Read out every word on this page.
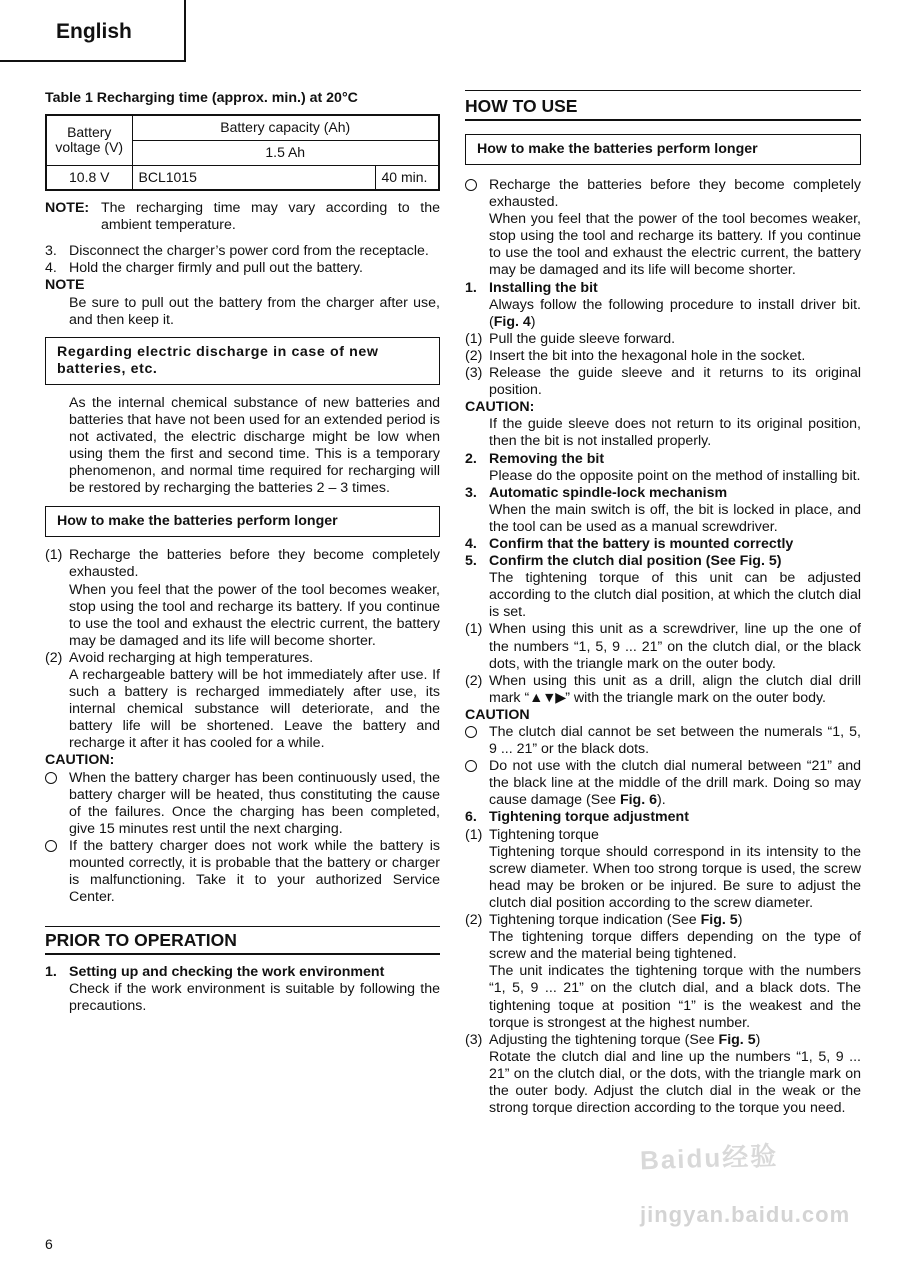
English
Table 1 Recharging time (approx. min.) at 20°C
Battery voltage (V)	Battery capacity (Ah)	
	1.5 Ah	
10.8 V	BCL1015	40 min.
NOTE: The recharging time may vary according to the ambient temperature.
3. Disconnect the charger’s power cord from the receptacle.
4. Hold the charger firmly and pull out the battery.
NOTE
Be sure to pull out the battery from the charger after use, and then keep it.
Regarding electric discharge in case of new batteries, etc.
As the internal chemical substance of new batteries and batteries that have not been used for an extended period is not activated, the electric discharge might be low when using them the first and second time. This is a temporary phenomenon, and normal time required for recharging will be restored by recharging the batteries 2 – 3 times.
How to make the batteries perform longer
(1) Recharge the batteries before they become completely exhausted.
When you feel that the power of the tool becomes weaker, stop using the tool and recharge its battery. If you continue to use the tool and exhaust the electric current, the battery may be damaged and its life will become shorter.
(2) Avoid recharging at high temperatures.
A rechargeable battery will be hot immediately after use. If such a battery is recharged immediately after use, its internal chemical substance will deteriorate, and the battery life will be shortened. Leave the battery and recharge it after it has cooled for a while.
CAUTION:
When the battery charger has been continuously used, the battery charger will be heated, thus constituting the cause of the failures. Once the charging has been completed, give 15 minutes rest until the next charging.
If the battery charger does not work while the battery is mounted correctly, it is probable that the battery or charger is malfunctioning. Take it to your authorized Service Center.
PRIOR TO OPERATION
1. Setting up and checking the work environment
Check if the work environment is suitable by following the precautions.
HOW TO USE
How to make the batteries perform longer
Recharge the batteries before they become completely exhausted.
When you feel that the power of the tool becomes weaker, stop using the tool and recharge its battery. If you continue to use the tool and exhaust the electric current, the battery may be damaged and its life will become shorter.
1. Installing the bit
Always follow the following procedure to install driver bit. (Fig. 4)
(1) Pull the guide sleeve forward.
(2) Insert the bit into the hexagonal hole in the socket.
(3) Release the guide sleeve and it returns to its original position.
CAUTION:
If the guide sleeve does not return to its original position, then the bit is not installed properly.
2. Removing the bit
Please do the opposite point on the method of installing bit.
3. Automatic spindle-lock mechanism
When the main switch is off, the bit is locked in place, and the tool can be used as a manual screwdriver.
4. Confirm that the battery is mounted correctly
5. Confirm the clutch dial position (See Fig. 5)
The tightening torque of this unit can be adjusted according to the clutch dial position, at which the clutch dial is set.
(1) When using this unit as a screwdriver, line up the one of the numbers “1, 5, 9 ... 21” on the clutch dial, or the black dots, with the triangle mark on the outer body.
(2) When using this unit as a drill, align the clutch dial drill mark “▲▼▶” with the triangle mark on the outer body.
CAUTION
The clutch dial cannot be set between the numerals “1, 5, 9 ... 21” or the black dots.
Do not use with the clutch dial numeral between “21” and the black line at the middle of the drill mark. Doing so may cause damage (See Fig. 6).
6. Tightening torque adjustment
(1) Tightening torque
Tightening torque should correspond in its intensity to the screw diameter. When too strong torque is used, the screw head may be broken or be injured. Be sure to adjust the clutch dial position according to the screw diameter.
(2) Tightening torque indication (See Fig. 5)
The tightening torque differs depending on the type of screw and the material being tightened.
The unit indicates the tightening torque with the numbers “1, 5, 9 ... 21” on the clutch dial, and a black dots. The tightening toque at position “1” is the weakest and the torque is strongest at the highest number.
(3) Adjusting the tightening torque (See Fig. 5)
Rotate the clutch dial and line up the numbers “1, 5, 9 ... 21” on the clutch dial, or the dots, with the triangle mark on the outer body. Adjust the clutch dial in the weak or the strong torque direction according to the torque you need.
6
Baidu经验
jingyan.baidu.com
